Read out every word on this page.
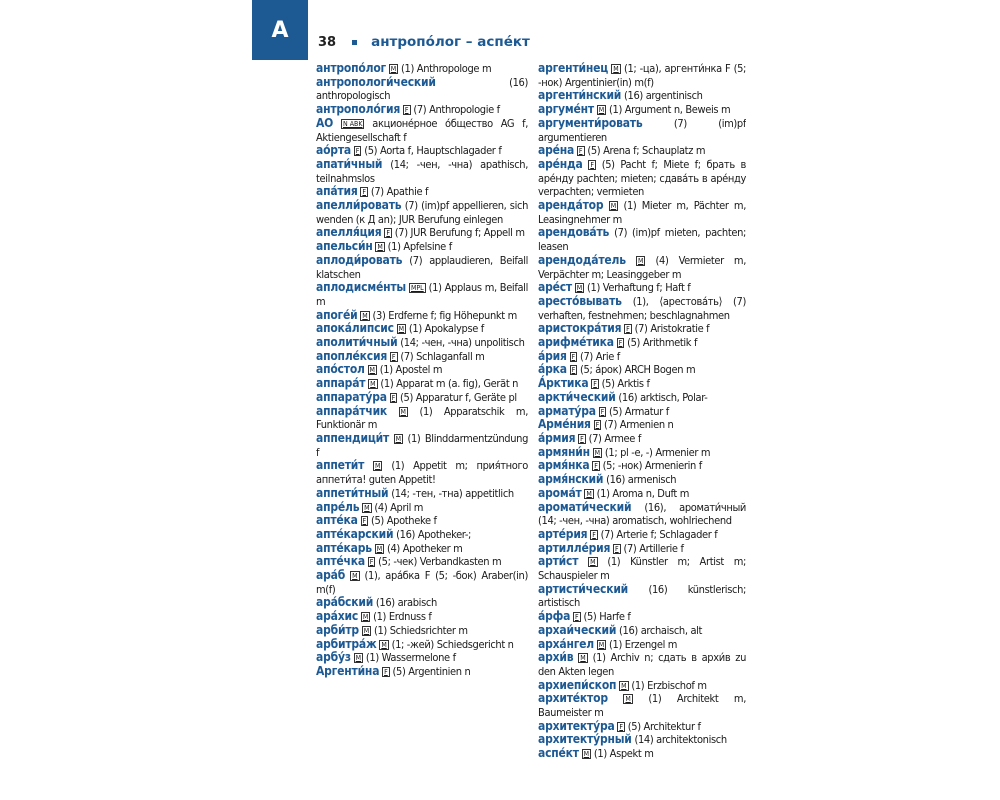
A 38	антропо́лог – аспе́кт

антропо́лог M (1) Anthropologe m

антропологи́ческий	(16) anthropologisch

антрополо́гия F (7) Anthropologie f

АО N ABK акционе́рное о́бщество AG f, Aktiengesellschaft f

ао́рта F (5) Aorta f, Hauptschlagader f

апати́чный (14; -чен, -чна) apathisch, teilnahmslos

апа́тия F (7) Apathie f

апелли́ровать (7) (im)pf appellieren, sich wenden (к Д an); JUR Berufung einlegen

апелля́ция F (7) JUR Berufung f; Appell m

апельси́н M (1) Apfelsine f

аплоди́ровать (7) applaudieren, Beifall klatschen

аплодисме́нты MPL (1) Applaus m, Beifall m

апоге́й M (3) Erdferne f; fig Höhepunkt m

апока́липсис M (1) Apokalypse f

аполити́чный (14; -чен, -чна) unpolitisch

апопле́ксия F (7) Schlaganfall m

апо́стол M (1) Apostel m

аппара́т M (1) Apparat m (a. fig), Gerät n

аппарату́ра F (5) Apparatur f, Geräte pl

аппара́тчик M (1) Apparatschik m, Funktionär m

аппендици́т M (1) Blinddarmentzündung f

аппети́т M (1) Appetit m; прия́тного аппети́та! guten Appetit!

аппети́тный (14; -тен, -тна) appetitlich

апре́ль M (4) April m

апте́ка F (5) Apotheke f

апте́карский (16) Apotheker-;

апте́карь M (4) Apotheker m

апте́чка F (5; -чек) Verbandkasten m

ара́б M (1), ара́бка F (5; -бок) Araber(in) m(f)

ара́бский (16) arabisch

ара́хис M (1) Erdnuss f

арби́тр M (1) Schiedsrichter m

арбитра́ж M (1; -жей) Schiedsgericht n

арбу́з M (1) Wassermelone f

Аргенти́на F (5) Argentinien n

аргенти́нец M (1; -ца), аргенти́нка F (5; -нок) Argentinier(in) m(f)

аргенти́нский (16) argentinisch

аргуме́нт M (1) Argument n, Beweis m

аргументи́ровать	(7) (im)pf argumentieren

аре́на F (5) Arena f; Schauplatz m

аре́нда F (5) Pacht f; Miete f; брать в аре́нду pachten; mieten; сдава́ть в аре́нду verpachten; vermieten

аренда́тор M (1) Mieter m, Pächter m, Leasingnehmer m

арендова́ть (7) (im)pf mieten, pachten; leasen

арендода́тель M (4) Vermieter m, Verpächter m; Leasinggeber m

аре́ст M (1) Verhaftung f; Haft f

аресто́вывать (1), ⟨арестова́ть⟩ (7) verhaften, festnehmen; beschlagnahmen

аристокра́тия F (7) Aristokratie f

арифме́тика F (5) Arithmetik f

а́рия F (7) Arie f

а́рка F (5; а́рок) ARCH Bogen m

А́рктика F (5) Arktis f

аркти́ческий (16) arktisch, Polar-

армату́ра F (5) Armatur f

Арме́ния F (7) Armenien n

а́рмия F (7) Armee f

армяни́н M (1; pl -e, -) Armenier m

армя́нка F (5; -нок) Armenierin f

армя́нский (16) armenisch

арома́т M (1) Aroma n, Duft m

аромати́ческий (16), аромати́чный (14; -чен, -чна) aromatisch, wohlriechend

арте́рия F (7) Arterie f; Schlagader f

артилле́рия F (7) Artillerie f

арти́ст M (1) Künstler m; Artist m; Schauspieler m

артисти́ческий (16) künstlerisch; artistisch

а́рфа F (5) Harfe f

архаи́ческий (16) archaisch, alt

арха́нгел M (1) Erzengel m

архи́в M (1) Archiv n; сдать в архи́в zu den Akten legen

архиепи́скоп M (1) Erzbischof m

архите́ктор	M (1) Architekt m, Baumeister m

архитекту́ра F (5) Architektur f

архитекту́рный (14) architektonisch

аспе́кт M (1) Aspekt m
